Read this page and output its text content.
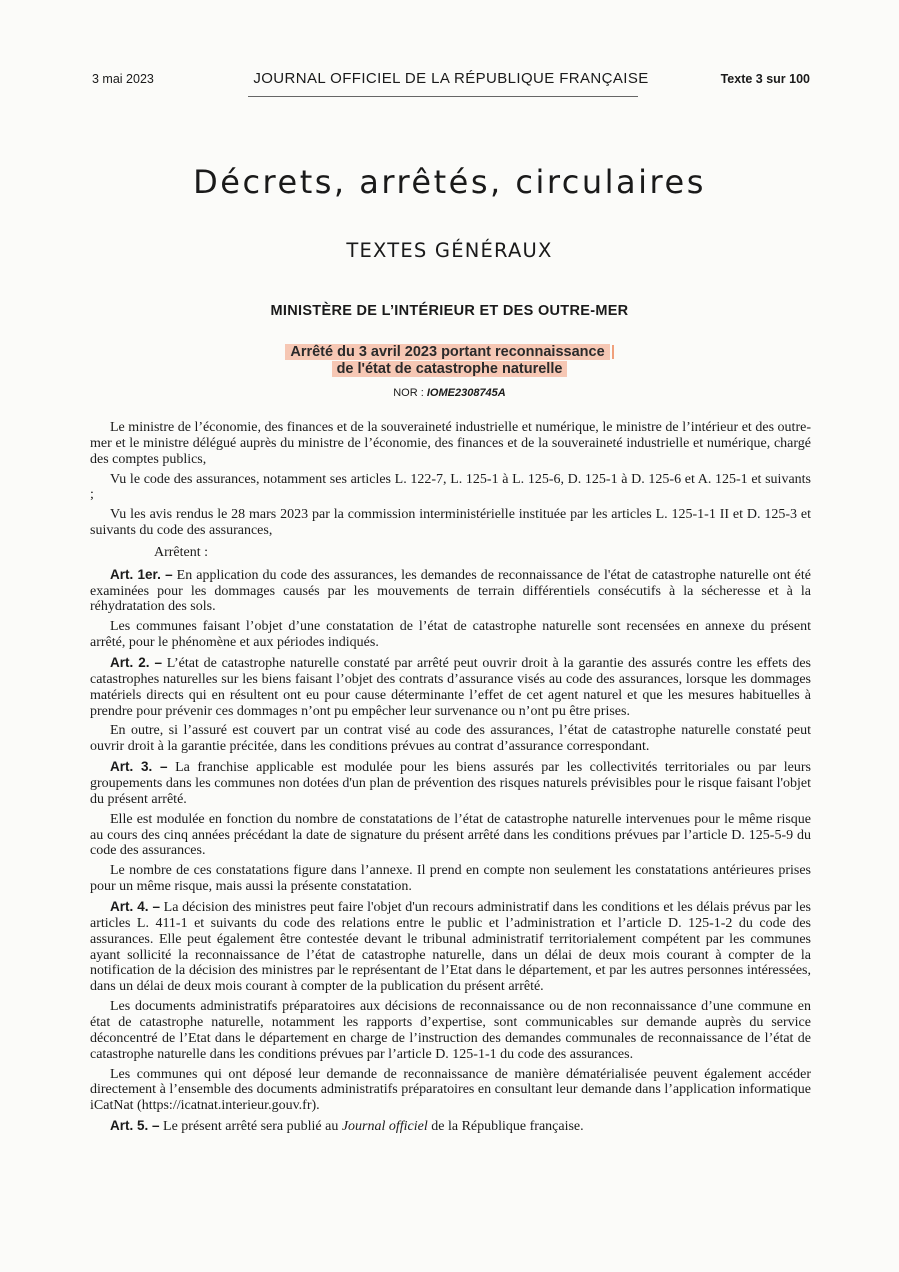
3 mai 2023	JOURNAL OFFICIEL DE LA RÉPUBLIQUE FRANÇAISE	Texte 3 sur 100
Décrets, arrêtés, circulaires
TEXTES GÉNÉRAUX
MINISTÈRE DE L’INTÉRIEUR ET DES OUTRE-MER
Arrêté du 3 avril 2023 portant reconnaissance
de l'état de catastrophe naturelle
NOR : IOME2308745A

Le ministre de l’économie, des finances et de la souveraineté industrielle et numérique, le ministre de l’intérieur et des outre-mer et le ministre délégué auprès du ministre de l’économie, des finances et de la souveraineté industrielle et numérique, chargé des comptes publics,

Vu le code des assurances, notamment ses articles L. 122-7, L. 125-1 à L. 125-6, D. 125-1 à D. 125-6 et A. 125-1 et suivants ;

Vu les avis rendus le 28 mars 2023 par la commission interministérielle instituée par les articles L. 125-1-1 II et D. 125-3 et suivants du code des assurances,

Arrêtent :

Art. 1er. – En application du code des assurances, les demandes de reconnaissance de l'état de catastrophe naturelle ont été examinées pour les dommages causés par les mouvements de terrain différentiels consécutifs à la sécheresse et à la réhydratation des sols.

Les communes faisant l’objet d’une constatation de l’état de catastrophe naturelle sont recensées en annexe du présent arrêté, pour le phénomène et aux périodes indiqués.

Art. 2. – L’état de catastrophe naturelle constaté par arrêté peut ouvrir droit à la garantie des assurés contre les effets des catastrophes naturelles sur les biens faisant l’objet des contrats d’assurance visés au code des assurances, lorsque les dommages matériels directs qui en résultent ont eu pour cause déterminante l’effet de cet agent naturel et que les mesures habituelles à prendre pour prévenir ces dommages n’ont pu empêcher leur survenance ou n’ont pu être prises.

En outre, si l’assuré est couvert par un contrat visé au code des assurances, l’état de catastrophe naturelle constaté peut ouvrir droit à la garantie précitée, dans les conditions prévues au contrat d’assurance correspondant.

Art. 3. – La franchise applicable est modulée pour les biens assurés par les collectivités territoriales ou par leurs groupements dans les communes non dotées d'un plan de prévention des risques naturels prévisibles pour le risque faisant l'objet du présent arrêté.

Elle est modulée en fonction du nombre de constatations de l’état de catastrophe naturelle intervenues pour le même risque au cours des cinq années précédant la date de signature du présent arrêté dans les conditions prévues par l’article D. 125-5-9 du code des assurances.

Le nombre de ces constatations figure dans l’annexe. Il prend en compte non seulement les constatations antérieures prises pour un même risque, mais aussi la présente constatation.

Art. 4. – La décision des ministres peut faire l'objet d'un recours administratif dans les conditions et les délais prévus par les articles L. 411-1 et suivants du code des relations entre le public et l’administration et l’article D. 125-1-2 du code des assurances. Elle peut également être contestée devant le tribunal administratif territorialement compétent par les communes ayant sollicité la reconnaissance de l’état de catastrophe naturelle, dans un délai de deux mois courant à compter de la notification de la décision des ministres par le représentant de l’Etat dans le département, et par les autres personnes intéressées, dans un délai de deux mois courant à compter de la publication du présent arrêté.

Les documents administratifs préparatoires aux décisions de reconnaissance ou de non reconnaissance d’une commune en état de catastrophe naturelle, notamment les rapports d’expertise, sont communicables sur demande auprès du service déconcentré de l’Etat dans le département en charge de l’instruction des demandes communales de reconnaissance de l’état de catastrophe naturelle dans les conditions prévues par l’article D. 125-1-1 du code des assurances.

Les communes qui ont déposé leur demande de reconnaissance de manière dématérialisée peuvent également accéder directement à l’ensemble des documents administratifs préparatoires en consultant leur demande dans l’application informatique iCatNat (https://icatnat.interieur.gouv.fr).

Art. 5. – Le présent arrêté sera publié au Journal officiel de la République française.
